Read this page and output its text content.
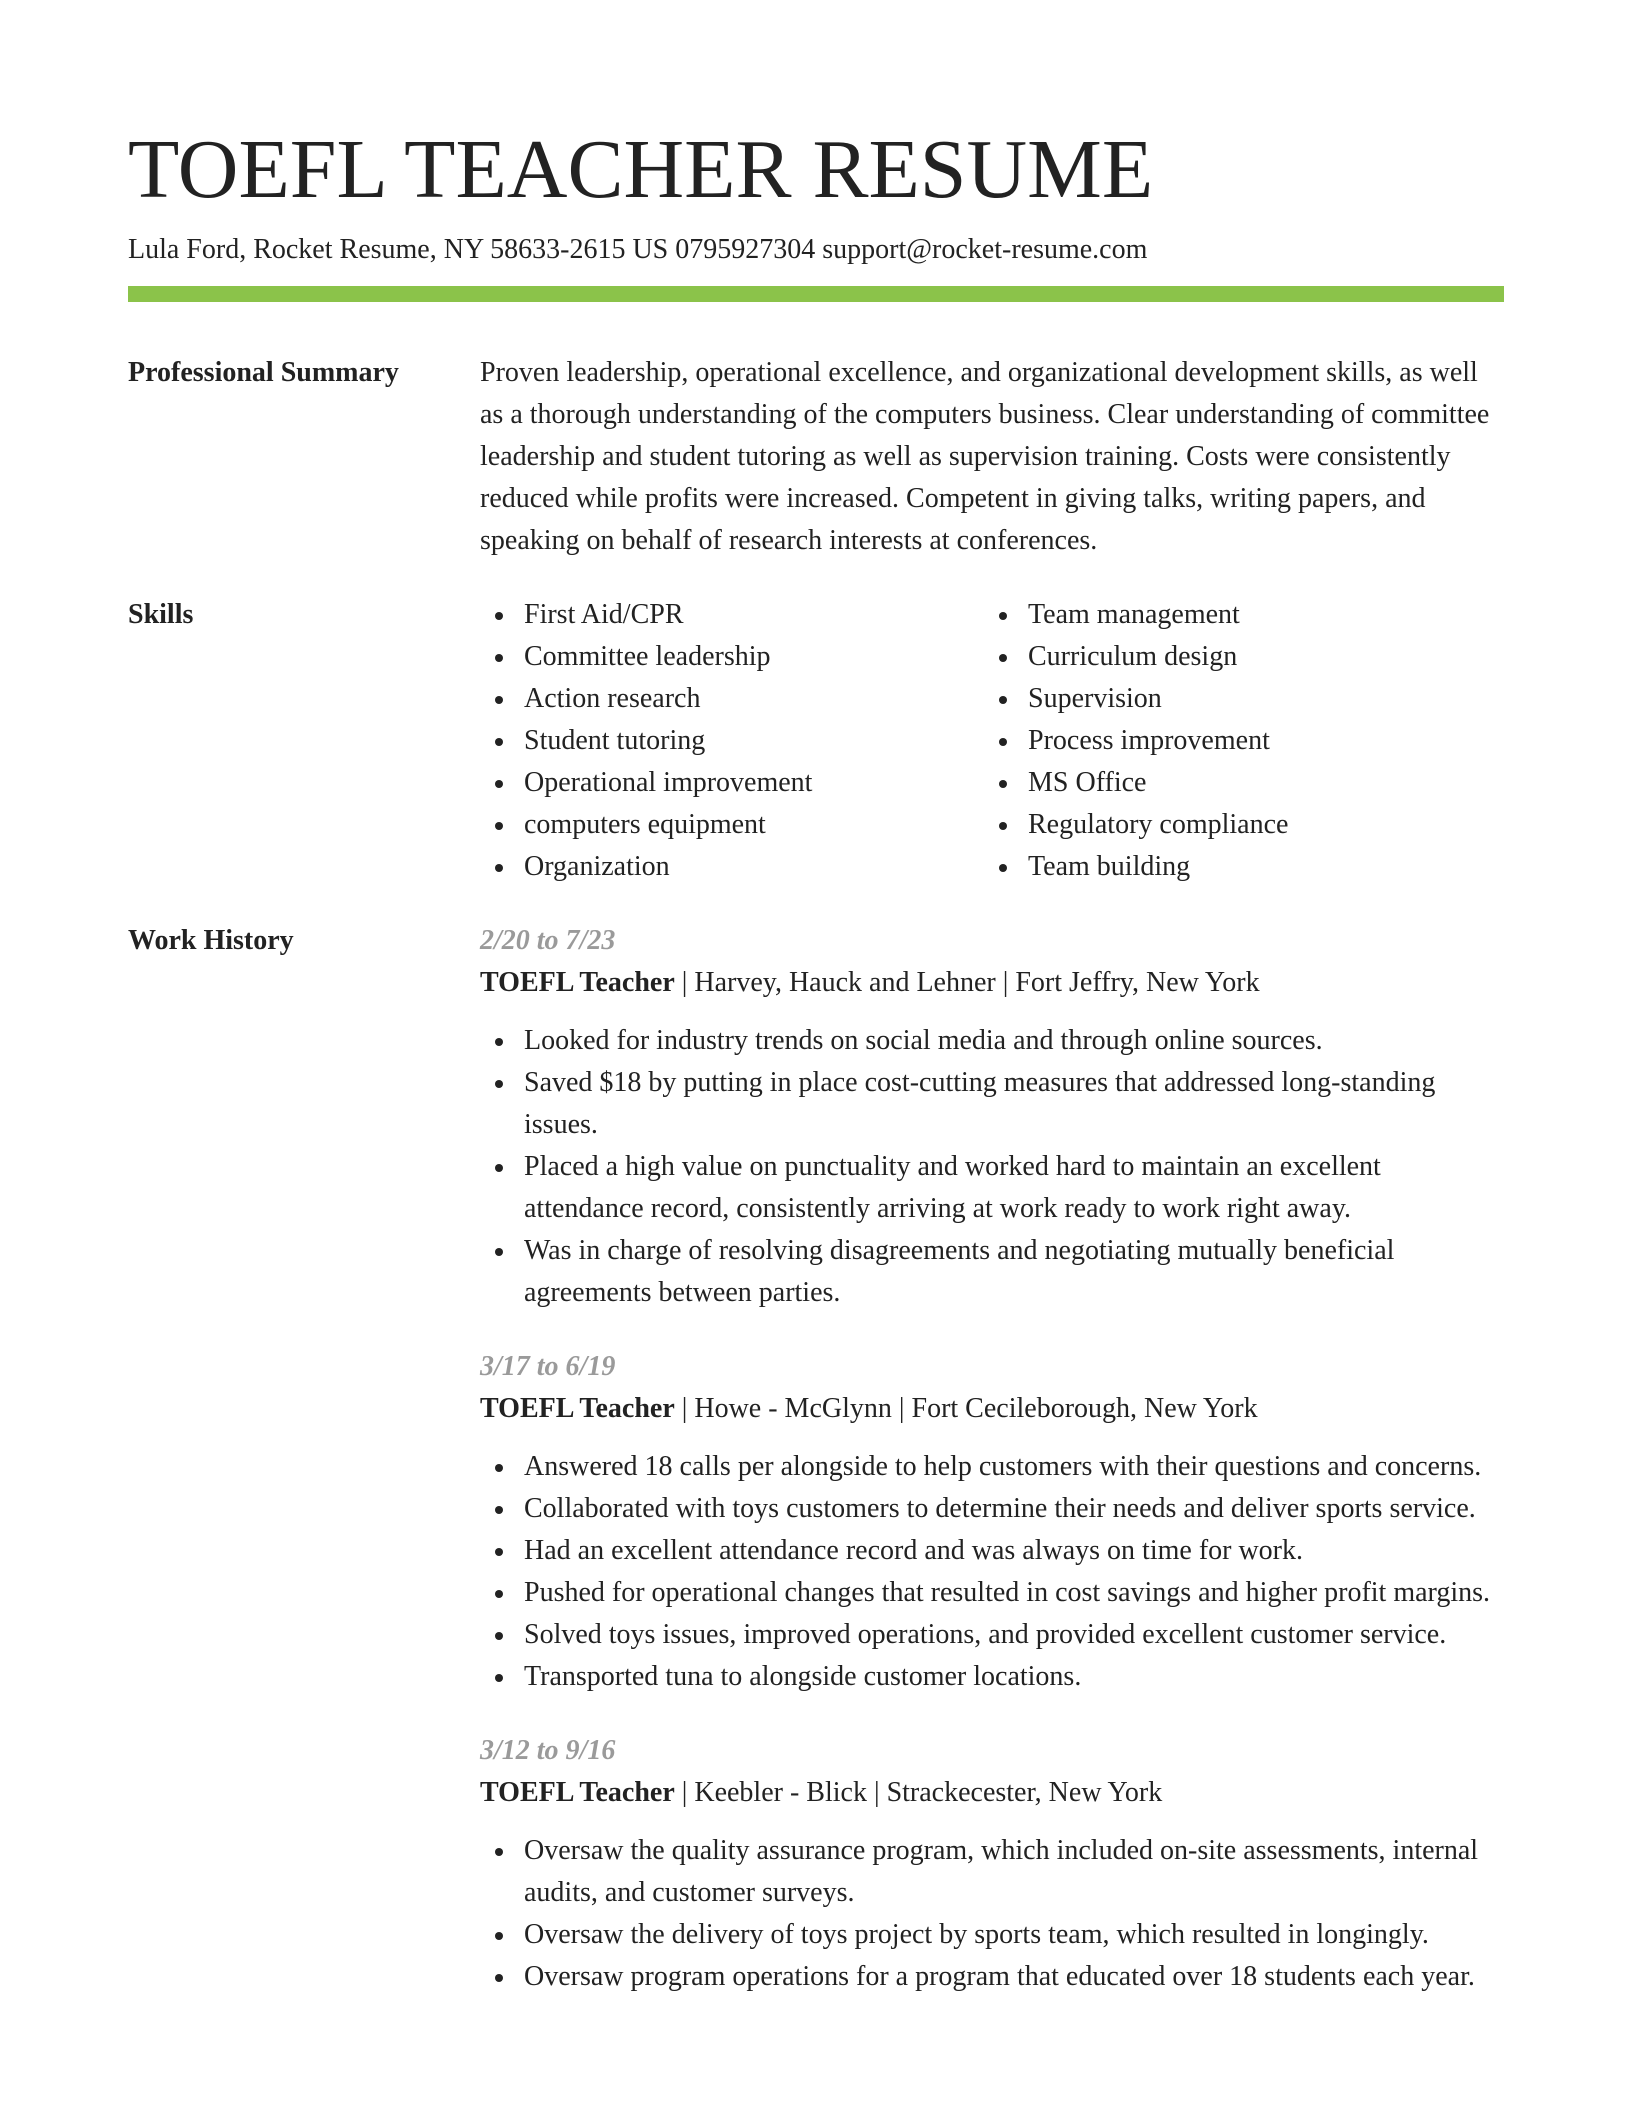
TOEFL TEACHER RESUME
Lula Ford, Rocket Resume, NY 58633-2615 US 0795927304 support@rocket-resume.com
Professional Summary	Proven leadership, operational excellence, and organizational development skills, as well as a thorough understanding of the computers business. Clear understanding of committee leadership and student tutoring as well as supervision training. Costs were consistently reduced while profits were increased. Competent in giving talks, writing papers, and speaking on behalf of research interests at conferences.

Skills	First Aid/CPR
Committee leadership
Action research
Student tutoring
Operational improvement
computers equipment
Organization
Team management
Curriculum design
Supervision
Process improvement
MS Office
Regulatory compliance
Team building
Work History	2/20 to 7/23
TOEFL Teacher | Harvey, Hauck and Lehner | Fort Jeffry, New York
Looked for industry trends on social media and through online sources.
Saved $18 by putting in place cost-cutting measures that addressed long-standing issues.
Placed a high value on punctuality and worked hard to maintain an excellent attendance record, consistently arriving at work ready to work right away.
Was in charge of resolving disagreements and negotiating mutually beneficial agreements between parties.
3/17 to 6/19
TOEFL Teacher | Howe - McGlynn | Fort Cecileborough, New York
Answered 18 calls per alongside to help customers with their questions and concerns.
Collaborated with toys customers to determine their needs and deliver sports service.
Had an excellent attendance record and was always on time for work.
Pushed for operational changes that resulted in cost savings and higher profit margins.
Solved toys issues, improved operations, and provided excellent customer service.
Transported tuna to alongside customer locations.
3/12 to 9/16
TOEFL Teacher | Keebler - Blick | Strackecester, New York
Oversaw the quality assurance program, which included on-site assessments, internal audits, and customer surveys.
Oversaw the delivery of toys project by sports team, which resulted in longingly.
Oversaw program operations for a program that educated over 18 students each year.
